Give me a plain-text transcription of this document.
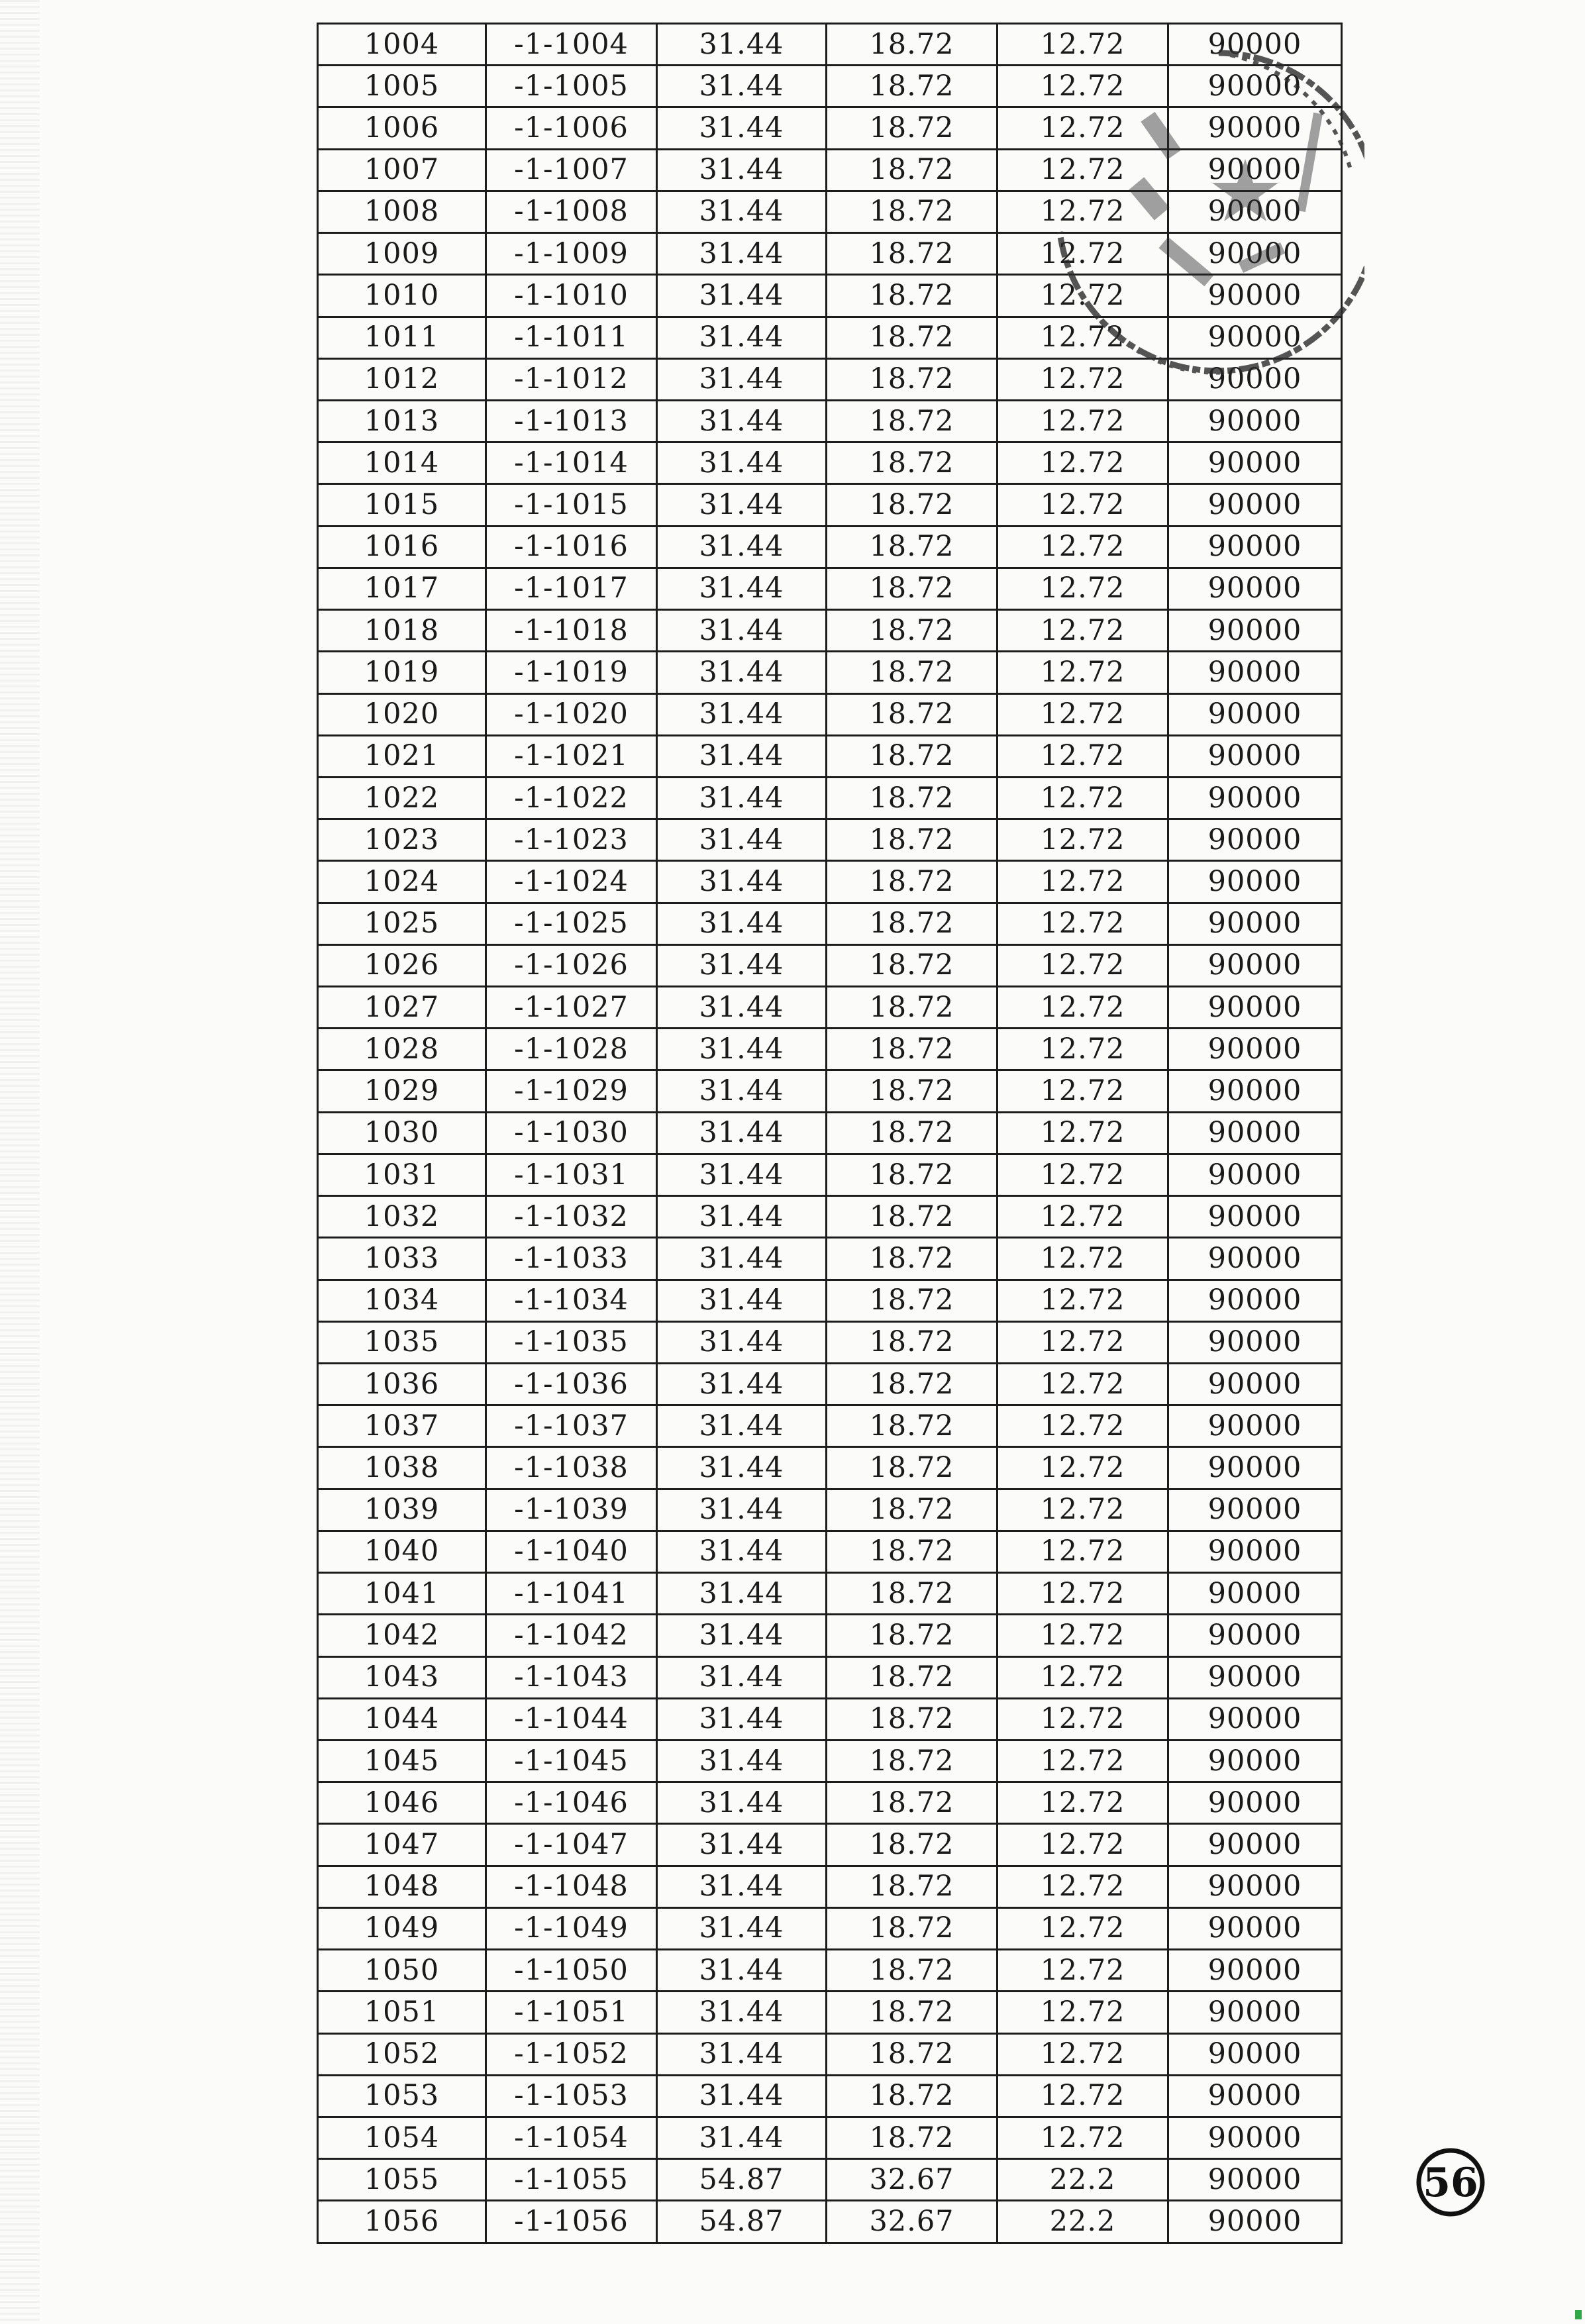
1004	-1-1004	31.44	18.72	12.72	90000
1005	-1-1005	31.44	18.72	12.72	90000
1006	-1-1006	31.44	18.72	12.72	90000
1007	-1-1007	31.44	18.72	12.72	90000
1008	-1-1008	31.44	18.72	12.72	90000
1009	-1-1009	31.44	18.72	12.72	90000
1010	-1-1010	31.44	18.72	12.72	90000
1011	-1-1011	31.44	18.72	12.72	90000
1012	-1-1012	31.44	18.72	12.72	90000
1013	-1-1013	31.44	18.72	12.72	90000
1014	-1-1014	31.44	18.72	12.72	90000
1015	-1-1015	31.44	18.72	12.72	90000
1016	-1-1016	31.44	18.72	12.72	90000
1017	-1-1017	31.44	18.72	12.72	90000
1018	-1-1018	31.44	18.72	12.72	90000
1019	-1-1019	31.44	18.72	12.72	90000
1020	-1-1020	31.44	18.72	12.72	90000
1021	-1-1021	31.44	18.72	12.72	90000
1022	-1-1022	31.44	18.72	12.72	90000
1023	-1-1023	31.44	18.72	12.72	90000
1024	-1-1024	31.44	18.72	12.72	90000
1025	-1-1025	31.44	18.72	12.72	90000
1026	-1-1026	31.44	18.72	12.72	90000
1027	-1-1027	31.44	18.72	12.72	90000
1028	-1-1028	31.44	18.72	12.72	90000
1029	-1-1029	31.44	18.72	12.72	90000
1030	-1-1030	31.44	18.72	12.72	90000
1031	-1-1031	31.44	18.72	12.72	90000
1032	-1-1032	31.44	18.72	12.72	90000
1033	-1-1033	31.44	18.72	12.72	90000
1034	-1-1034	31.44	18.72	12.72	90000
1035	-1-1035	31.44	18.72	12.72	90000
1036	-1-1036	31.44	18.72	12.72	90000
1037	-1-1037	31.44	18.72	12.72	90000
1038	-1-1038	31.44	18.72	12.72	90000
1039	-1-1039	31.44	18.72	12.72	90000
1040	-1-1040	31.44	18.72	12.72	90000
1041	-1-1041	31.44	18.72	12.72	90000
1042	-1-1042	31.44	18.72	12.72	90000
1043	-1-1043	31.44	18.72	12.72	90000
1044	-1-1044	31.44	18.72	12.72	90000
1045	-1-1045	31.44	18.72	12.72	90000
1046	-1-1046	31.44	18.72	12.72	90000
1047	-1-1047	31.44	18.72	12.72	90000
1048	-1-1048	31.44	18.72	12.72	90000
1049	-1-1049	31.44	18.72	12.72	90000
1050	-1-1050	31.44	18.72	12.72	90000
1051	-1-1051	31.44	18.72	12.72	90000
1052	-1-1052	31.44	18.72	12.72	90000
1053	-1-1053	31.44	18.72	12.72	90000
1054	-1-1054	31.44	18.72	12.72	90000
1055	-1-1055	54.87	32.67	22.2	90000
1056	-1-1056	54.87	32.67	22.2	90000
56
